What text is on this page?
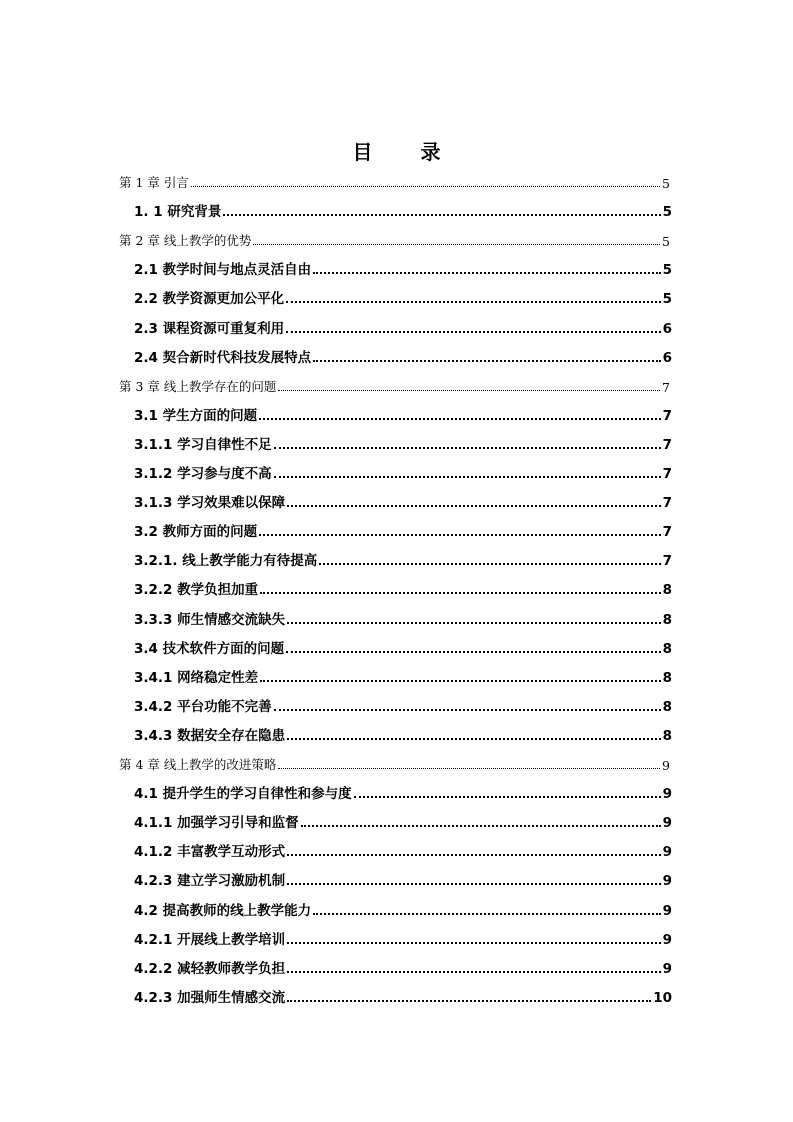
目　录
第 1 章 引言	5
1. 1 研究背景	5
第 2 章 线上教学的优势	5
2.1 教学时间与地点灵活自由	5
2.2 教学资源更加公平化	5
2.3 课程资源可重复利用	6
2.4 契合新时代科技发展特点	6
第 3 章 线上教学存在的问题	7
3.1 学生方面的问题	7
3.1.1 学习自律性不足	7
3.1.2 学习参与度不高	7
3.1.3 学习效果难以保障	7
3.2 教师方面的问题	7
3.2.1. 线上教学能力有待提高	7
3.2.2 教学负担加重	8
3.3.3 师生情感交流缺失	8
3.4 技术软件方面的问题	8
3.4.1 网络稳定性差	8
3.4.2 平台功能不完善	8
3.4.3 数据安全存在隐患	8
第 4 章 线上教学的改进策略	9
4.1 提升学生的学习自律性和参与度	9
4.1.1 加强学习引导和监督	9
4.1.2 丰富教学互动形式	9
4.2.3 建立学习激励机制	9
4.2 提高教师的线上教学能力	9
4.2.1 开展线上教学培训	9
4.2.2 减轻教师教学负担	9
4.2.3 加强师生情感交流	10
